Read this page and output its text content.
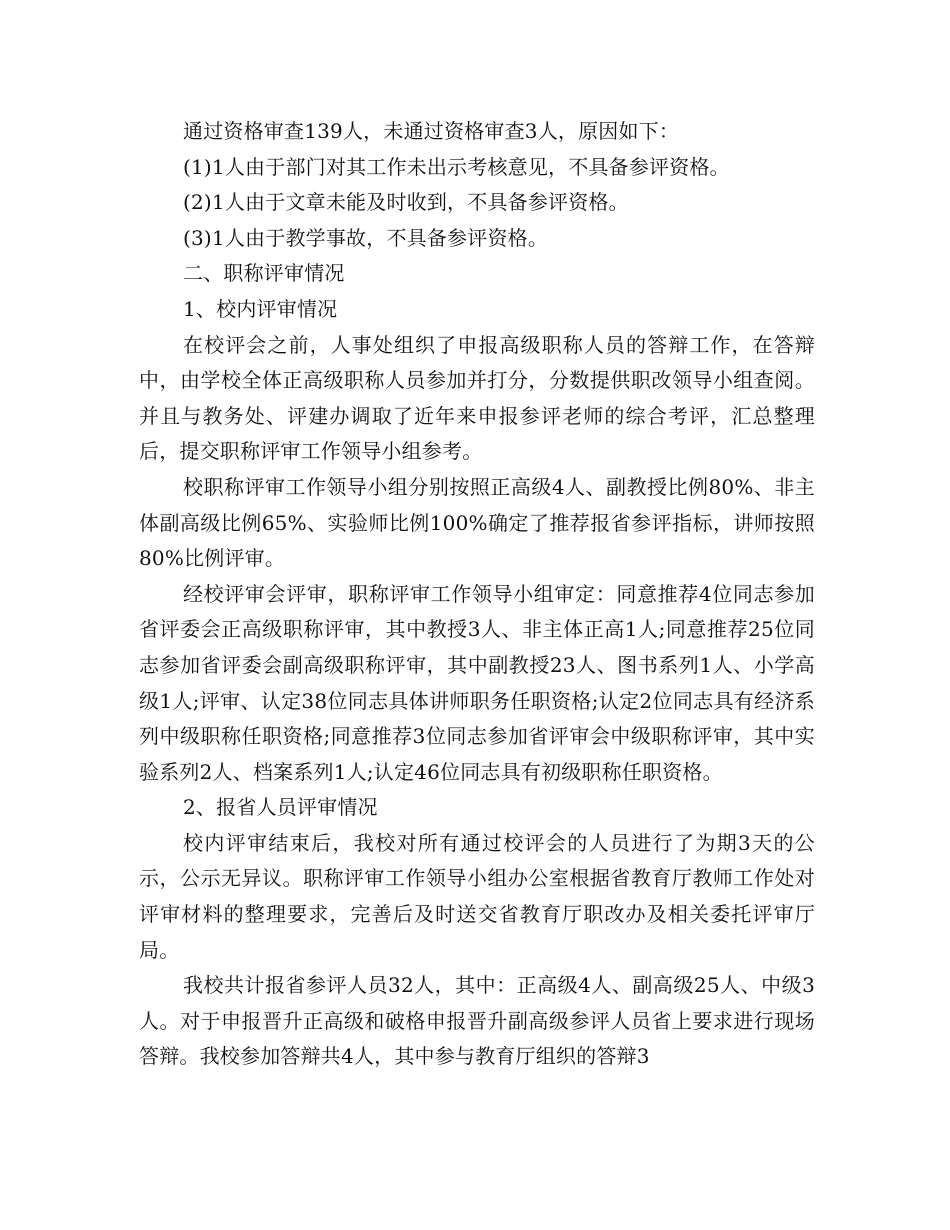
通过资格审查139人，未通过资格审查3人，原因如下：

(1)1人由于部门对其工作未出示考核意见，不具备参评资格。

(2)1人由于文章未能及时收到，不具备参评资格。

(3)1人由于教学事故，不具备参评资格。

二、职称评审情况

1、校内评审情况

在校评会之前，人事处组织了申报高级职称人员的答辩工作，在答辩中，由学校全体正高级职称人员参加并打分，分数提供职改领导小组查阅。并且与教务处、评建办调取了近年来申报参评老师的综合考评，汇总整理后，提交职称评审工作领导小组参考。

校职称评审工作领导小组分别按照正高级4人、副教授比例80%、非主体副高级比例65%、实验师比例100%确定了推荐报省参评指标，讲师按照80%比例评审。

经校评审会评审，职称评审工作领导小组审定：同意推荐4位同志参加省评委会正高级职称评审，其中教授3人、非主体正高1人;同意推荐25位同志参加省评委会副高级职称评审，其中副教授23人、图书系列1人、小学高级1人;评审、认定38位同志具体讲师职务任职资格;认定2位同志具有经济系列中级职称任职资格;同意推荐3位同志参加省评审会中级职称评审，其中实验系列2人、档案系列1人;认定46位同志具有初级职称任职资格。

2、报省人员评审情况

校内评审结束后，我校对所有通过校评会的人员进行了为期3天的公示，公示无异议。职称评审工作领导小组办公室根据省教育厅教师工作处对评审材料的整理要求，完善后及时送交省教育厅职改办及相关委托评审厅局。

我校共计报省参评人员32人，其中：正高级4人、副高级25人、中级3人。对于申报晋升正高级和破格申报晋升副高级参评人员省上要求进行现场答辩。我校参加答辩共4人，其中参与教育厅组织的答辩3
